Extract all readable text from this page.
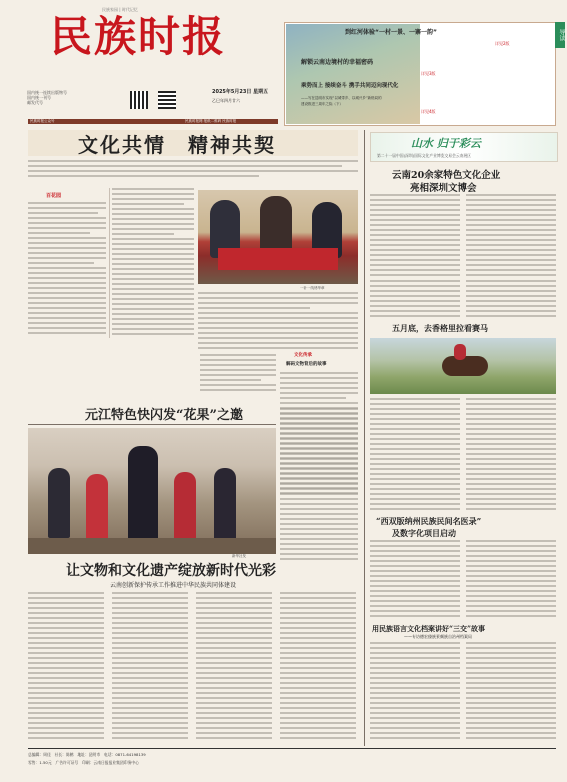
民族家园 | 时代记忆
民族时报
国内统一连续出版物号
国内统一刊号
邮发代号
2025年5月23日 星期五
乙巳年四月廿六
民族时报公众号	民族时报网 报纸二维码 民族时报
到红河体验“一村一景、一寨一韵”
详见2版
解锁云南边境村的幸福密码
详见3版
乘势而上 接续奋斗 携手共同迈向现代化
——写在昆明市实现“以城带乡、以城兴乡”新格局的
建设推进三周年之际（下）
详见4版
导读
文化共情　精神共契
百花园
一针一线绣华章
文化传承
解码文物背后的故事
元江特色快闪发“花果”之邀
新华社发
让文物和文化遗产绽放新时代光彩
云南创新保护传承工作推进中华民族共同体建设
山水 归于彩云
第二十一届中国(深圳)国际文化产业博览交易会云南展区
云南20余家特色文化企业
亮相深圳文博会
五月底，去香格里拉看赛马
“西双版纳州民族民间名医录”
及数字化项目启动
用民族语言文化档案讲好“三交”故事
——专访德宏傣族景颇族自治州档案局
总编辑：周佳　社长：陈鹤　地址：昆明市　电话：0871-64198139
零售：1.50元　广告许可证号　印刷：云南日报报业集团印务中心
